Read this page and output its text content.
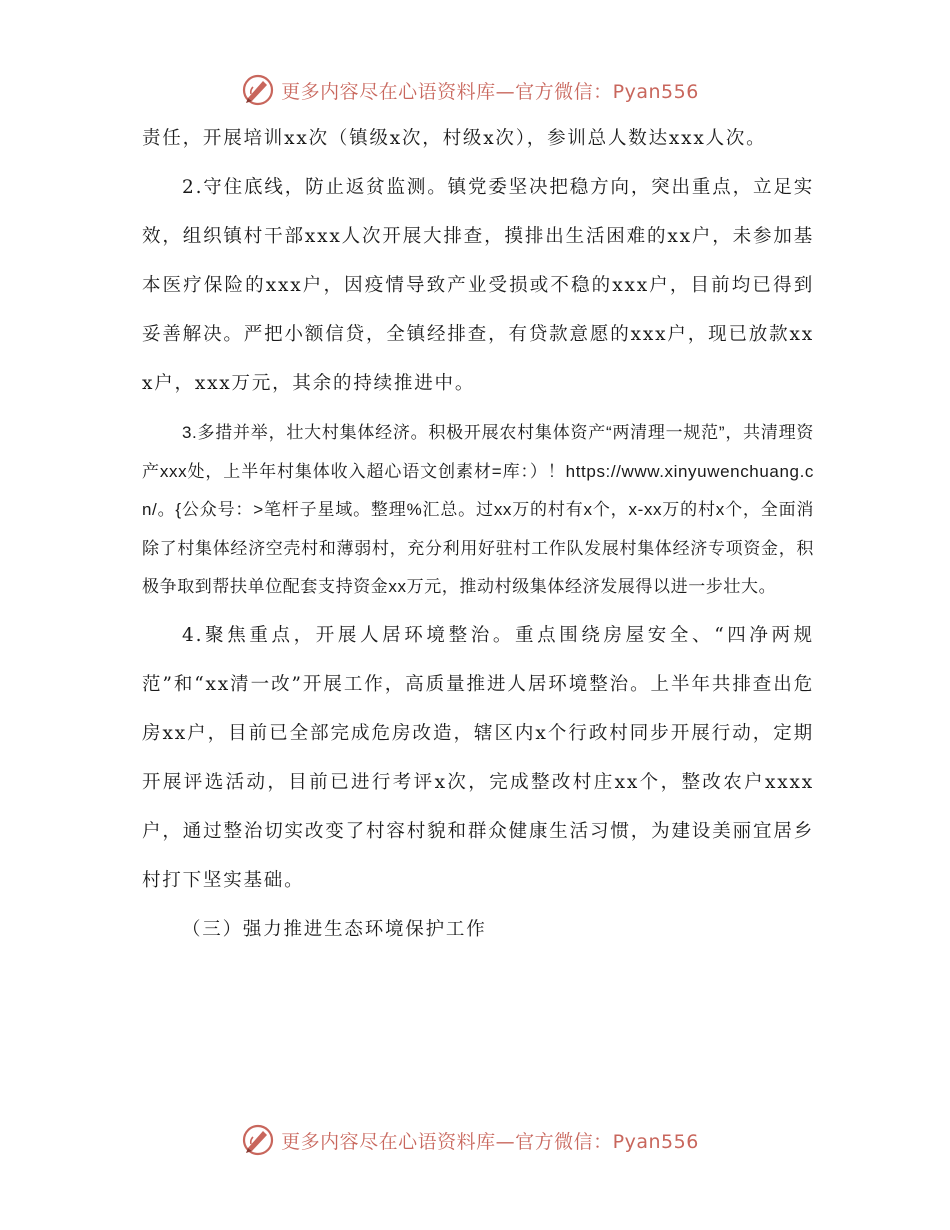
更多内容尽在心语资料库—官方微信：Pyan556

责任，开展培训xx次（镇级x次，村级x次），参训总人数达xxx人次。

2.守住底线，防止返贫监测。镇党委坚决把稳方向，突出重点，立足实效，组织镇村干部xxx人次开展大排查，摸排出生活困难的xx户，未参加基本医疗保险的xxx户，因疫情导致产业受损或不稳的xxx户，目前均已得到妥善解决。严把小额信贷，全镇经排查，有贷款意愿的xxx户，现已放款xxx户，xxx万元，其余的持续推进中。

3.多措并举，壮大村集体经济。积极开展农村集体资产“两清理一规范”，共清理资产xxx处，上半年村集体收入超心语文创素材=库：）！https://www.xinyuwenchuang.cn/。{公众号：>笔杆子星域。整理%汇总。过xx万的村有x个，x-xx万的村x个，全面消除了村集体经济空壳村和薄弱村，充分利用好驻村工作队发展村集体经济专项资金，积极争取到帮扶单位配套支持资金xx万元，推动村级集体经济发展得以进一步壮大。

4.聚焦重点，开展人居环境整治。重点围绕房屋安全、“四净两规范”和“xx清一改”开展工作，高质量推进人居环境整治。上半年共排查出危房xx户，目前已全部完成危房改造，辖区内x个行政村同步开展行动，定期开展评选活动，目前已进行考评x次，完成整改村庄xx个，整改农户xxxx户，通过整治切实改变了村容村貌和群众健康生活习惯，为建设美丽宜居乡村打下坚实基础。

（三）强力推进生态环境保护工作

更多内容尽在心语资料库—官方微信：Pyan556
